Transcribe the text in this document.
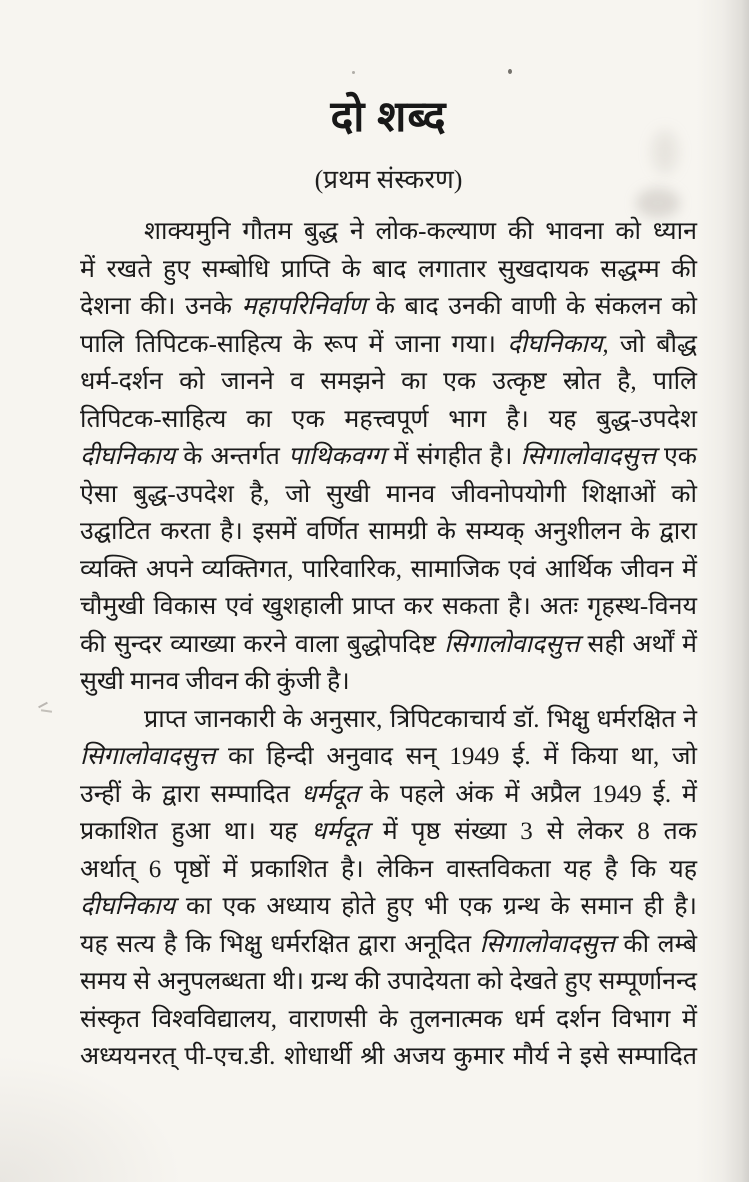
दो शब्द
(प्रथम संस्करण)
शाक्यमुनि गौतम बुद्ध ने लोक-कल्याण की भावना को ध्यान
में रखते हुए सम्बोधि प्राप्ति के बाद लगातार सुखदायक सद्धम्म की
देशना की। उनके महापरिनिर्वाण के बाद उनकी वाणी के संकलन को
पालि तिपिटक-साहित्य के रूप में जाना गया। दीघनिकाय, जो बौद्ध
धर्म-दर्शन को जानने व समझने का एक उत्कृष्ट स्रोत है, पालि
तिपिटक-साहित्य का एक महत्त्वपूर्ण भाग है। यह बुद्ध-उपदेश
दीघनिकाय के अन्तर्गत पाथिकवग्ग में संगहीत है। सिगालोवादसुत्त एक
ऐसा बुद्ध-उपदेश है, जो सुखी मानव जीवनोपयोगी शिक्षाओं को
उद्घाटित करता है। इसमें वर्णित सामग्री के सम्यक् अनुशीलन के द्वारा
व्यक्ति अपने व्यक्तिगत, पारिवारिक, सामाजिक एवं आर्थिक जीवन में
चौमुखी विकास एवं खुशहाली प्राप्त कर सकता है। अतः गृहस्थ-विनय
की सुन्दर व्याख्या करने वाला बुद्धोपदिष्ट सिगालोवादसुत्त सही अर्थों में
सुखी मानव जीवन की कुंजी है।
प्राप्त जानकारी के अनुसार, त्रिपिटकाचार्य डॉ. भिक्षु धर्मरक्षित ने
सिगालोवादसुत्त का हिन्दी अनुवाद सन् 1949 ई. में किया था, जो
उन्हीं के द्वारा सम्पादित धर्मदूत के पहले अंक में अप्रैल 1949 ई. में
प्रकाशित हुआ था। यह धर्मदूत में पृष्ठ संख्या 3 से लेकर 8 तक
अर्थात् 6 पृष्ठों में प्रकाशित है। लेकिन वास्तविकता यह है कि यह
दीघनिकाय का एक अध्याय होते हुए भी एक ग्रन्थ के समान ही है।
यह सत्य है कि भिक्षु धर्मरक्षित द्वारा अनूदित सिगालोवादसुत्त की लम्बे
समय से अनुपलब्धता थी। ग्रन्थ की उपादेयता को देखते हुए सम्पूर्णानन्द
संस्कृत विश्वविद्यालय, वाराणसी के तुलनात्मक धर्म दर्शन विभाग में
अध्ययनरत् पी-एच.डी. शोधार्थी श्री अजय कुमार मौर्य ने इसे सम्पादित
